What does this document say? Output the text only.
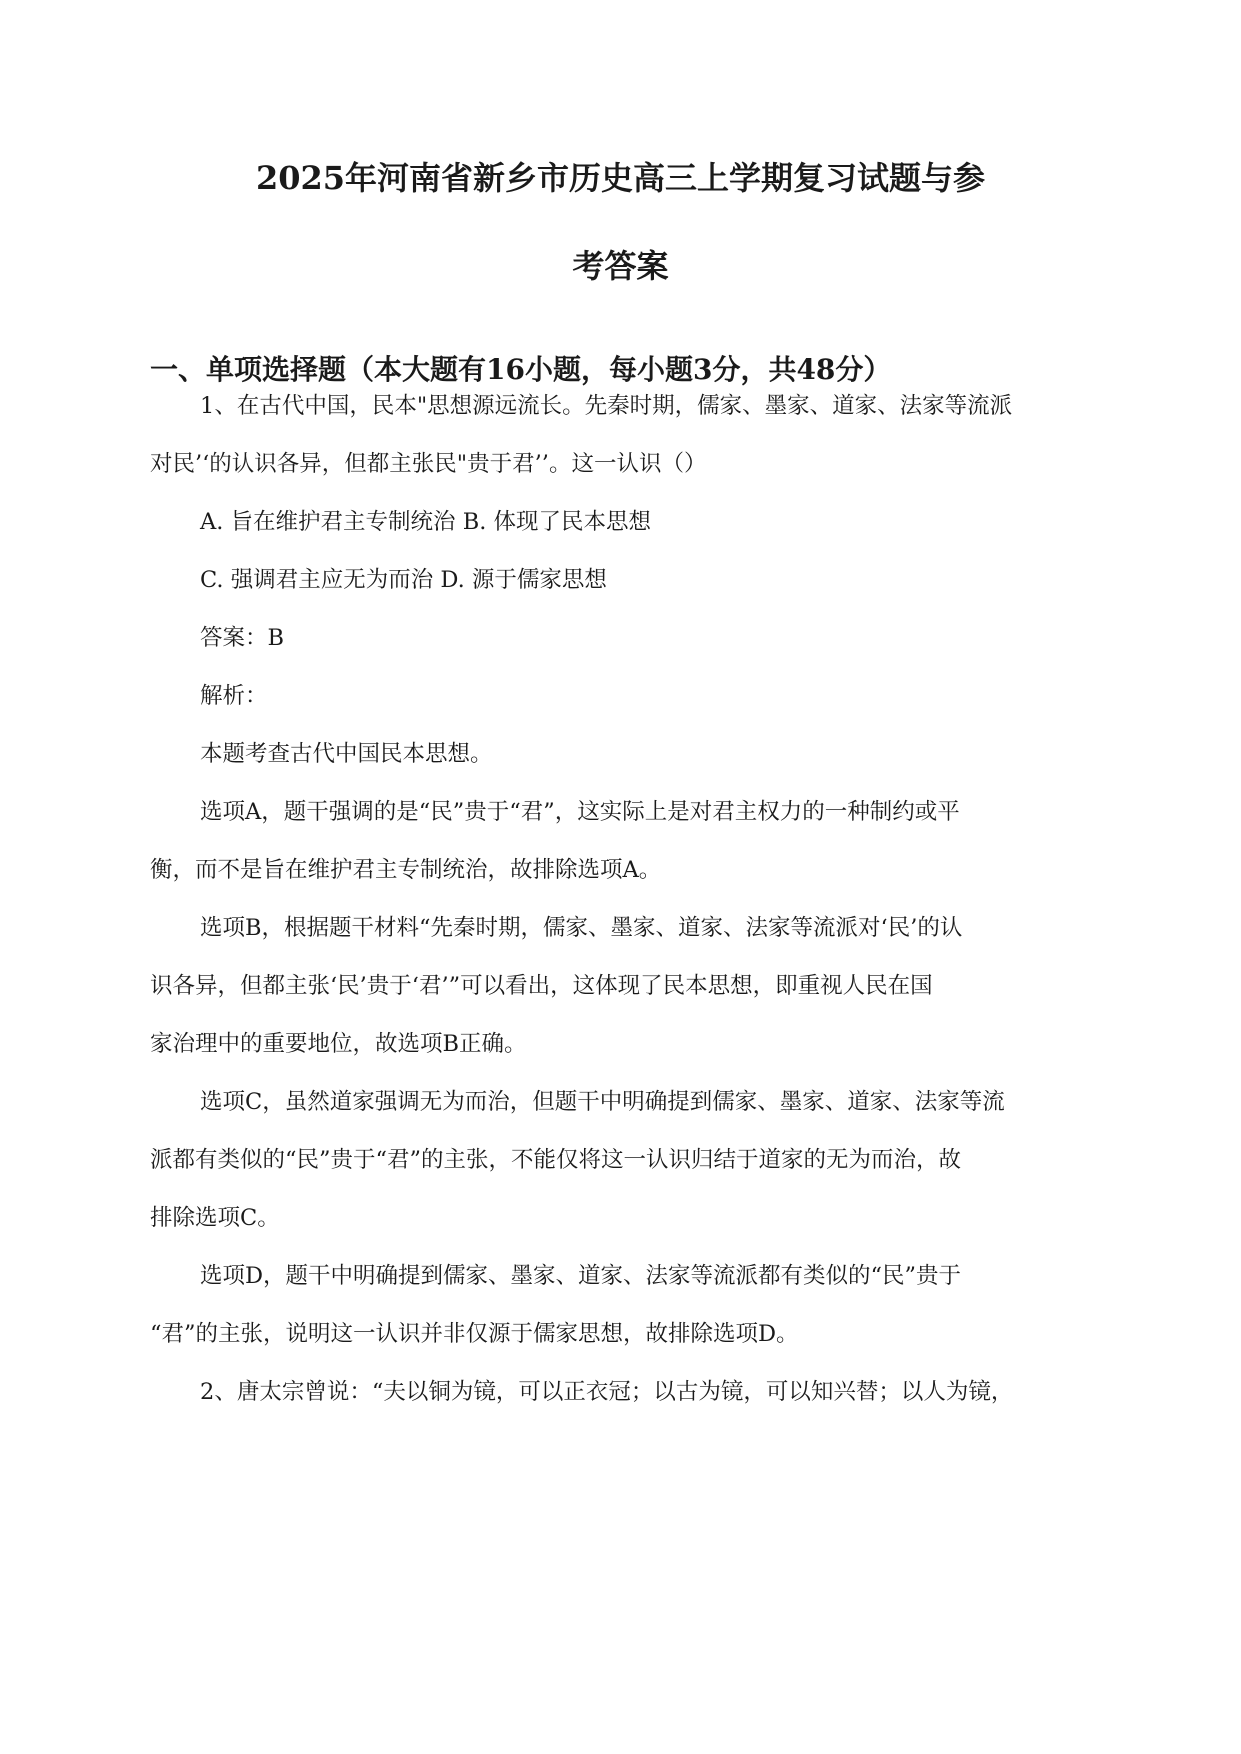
2025年河南省新乡市历史高三上学期复习试题与参
考答案
一、单项选择题（本大题有16小题，每小题3分，共48分）
1、在古代中国，民本"思想源远流长。先秦时期，儒家、墨家、道家、法家等流派
对民’‘的认识各异，但都主张民"贵于君’’。这一认识（）
A. 旨在维护君主专制统治 B. 体现了民本思想
C. 强调君主应无为而治 D. 源于儒家思想
答案：B
解析：
本题考查古代中国民本思想。
选项A，题干强调的是“民”贵于“君”，这实际上是对君主权力的一种制约或平
衡，而不是旨在维护君主专制统治，故排除选项A。
选项B，根据题干材料“先秦时期，儒家、墨家、道家、法家等流派对‘民’的认
识各异，但都主张‘民’贵于‘君’”可以看出，这体现了民本思想，即重视人民在国
家治理中的重要地位，故选项B正确。
选项C，虽然道家强调无为而治，但题干中明确提到儒家、墨家、道家、法家等流
派都有类似的“民”贵于“君”的主张，不能仅将这一认识归结于道家的无为而治，故
排除选项C。
选项D，题干中明确提到儒家、墨家、道家、法家等流派都有类似的“民”贵于
“君”的主张，说明这一认识并非仅源于儒家思想，故排除选项D。
2、唐太宗曾说：“夫以铜为镜，可以正衣冠；以古为镜，可以知兴替；以人为镜，
